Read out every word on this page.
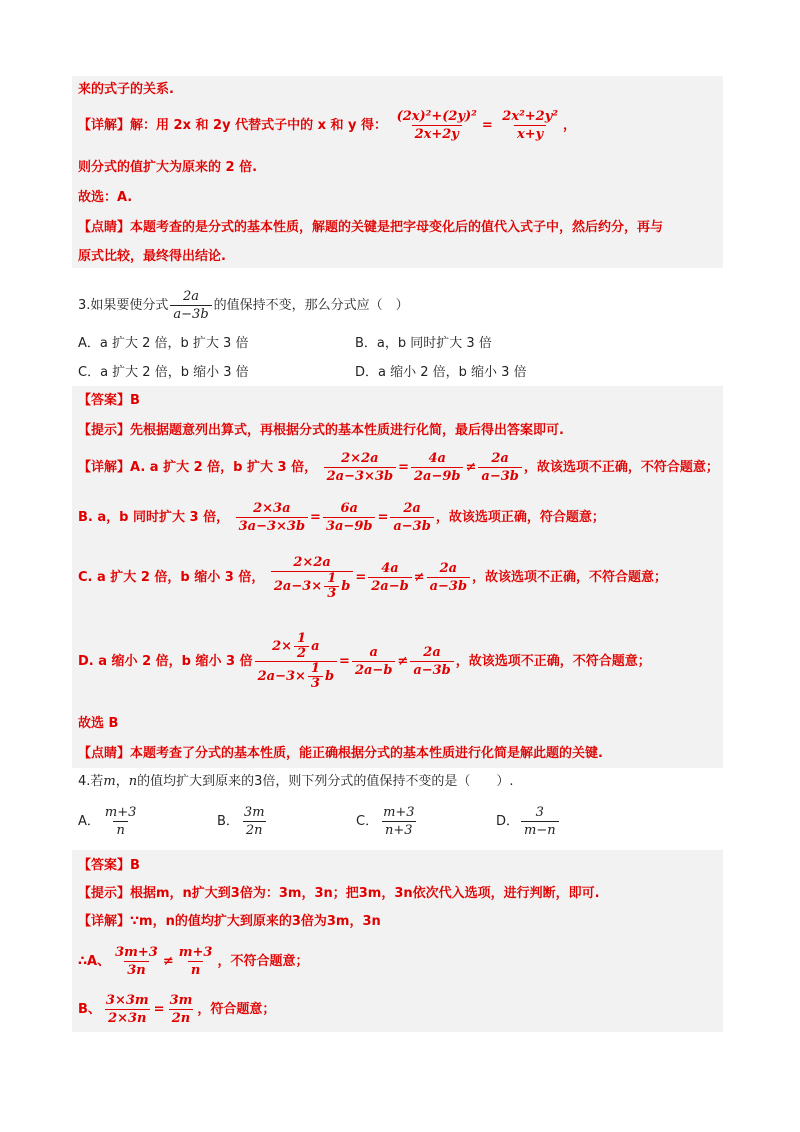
来的式子的关系.
【详解】解：用 2x 和 2y 代替式子中的 x 和 y 得： $\frac{\text{(2x)²+(2y)²}}{2x+2y} = \frac{\text{2x²+2y²}}{x+y}$ ，
则分式的值扩大为原来的 2 倍.
故选：A.
【点睛】本题考查的是分式的基本性质，解题的关键是把字母变化后的值代入式子中，然后约分，再与
原式比较，最终得出结论.
3.如果要使分式 $\frac{2a}{a-3b}$ 的值保持不变，那么分式应（　）
A．a 扩大 2 倍，b 扩大 3 倍	B．a，b 同时扩大 3 倍
C．a 扩大 2 倍，b 缩小 3 倍	D．a 缩小 2 倍，b 缩小 3 倍
【答案】B
【提示】先根据题意列出算式，再根据分式的基本性质进行化简，最后得出答案即可.
【详解】A. a 扩大 2 倍，b 扩大 3 倍， $\frac{2\times 2a}{2a-3\times 3b} = \frac{4a}{2a-9b} \ne \frac{2a}{a-3b}$ ，故该选项不正确，不符合题意；
B. a，b 同时扩大 3 倍， $\frac{2\times 3a}{3a-3\times 3b} = \frac{6a}{3a-9b} = \frac{2a}{a-3b}$ ，故该选项正确，符合题意；
C. a 扩大 2 倍，b 缩小 3 倍， $\frac{2\times 2a}{2a-3\times \frac{1}{3} b} = \frac{4a}{2a-b} \ne \frac{2a}{a-3b}$ ，故该选项不正确，不符合题意；
D. a 缩小 2 倍，b 缩小 3 倍 $\frac{2\times \frac{1}{2} a}{2a-3\times \frac{1}{3} b} = \frac{a}{2a-b} \ne \frac{2a}{a-3b}$ ，故该选项不正确，不符合题意；
故选 B
【点睛】本题考查了分式的基本性质，能正确根据分式的基本性质进行化简是解此题的关键.
4.若m，n的值均扩大到原来的3倍，则下列分式的值保持不变的是（　　）.
A． $\frac{m+3}{n}$	B． $\frac{3m}{2n}$	C． $\frac{m+3}{n+3}$	D． $\frac{3}{m-n}$
【答案】B
【提示】根据m，n扩大到3倍为：3m，3n；把3m，3n依次代入选项，进行判断，即可.
【详解】∵m，n的值均扩大到原来的3倍为3m，3n
∴A、 $\frac{3m+3}{3n} \ne \frac{m+3}{n}$ ，不符合题意；
B、 $\frac{3\times 3m}{2\times 3n} = \frac{3m}{2n}$ ，符合题意；
